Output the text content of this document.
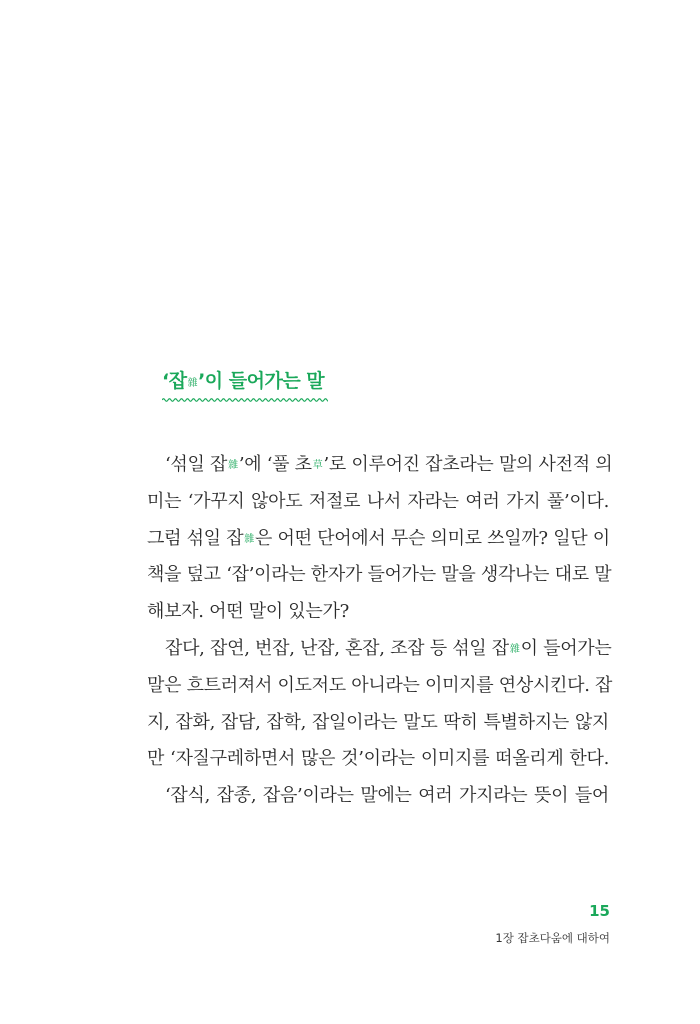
‘잡雜’이 들어가는 말
‘섞일 잡雜’에 ‘풀 초草’로 이루어진 잡초라는 말의 사전적 의
미는 ‘가꾸지 않아도 저절로 나서 자라는 여러 가지 풀’이다.
그럼 섞일 잡雜은 어떤 단어에서 무슨 의미로 쓰일까? 일단 이
책을 덮고 ‘잡’이라는 한자가 들어가는 말을 생각나는 대로 말
해보자. 어떤 말이 있는가?
잡다, 잡연, 번잡, 난잡, 혼잡, 조잡 등 섞일 잡雜이 들어가는
말은 흐트러져서 이도저도 아니라는 이미지를 연상시킨다. 잡
지, 잡화, 잡담, 잡학, 잡일이라는 말도 딱히 특별하지는 않지
만 ‘자질구레하면서 많은 것’이라는 이미지를 떠올리게 한다.
‘잡식, 잡종, 잡음’이라는 말에는 여러 가지라는 뜻이 들어
15
1장 잡초다움에 대하여
